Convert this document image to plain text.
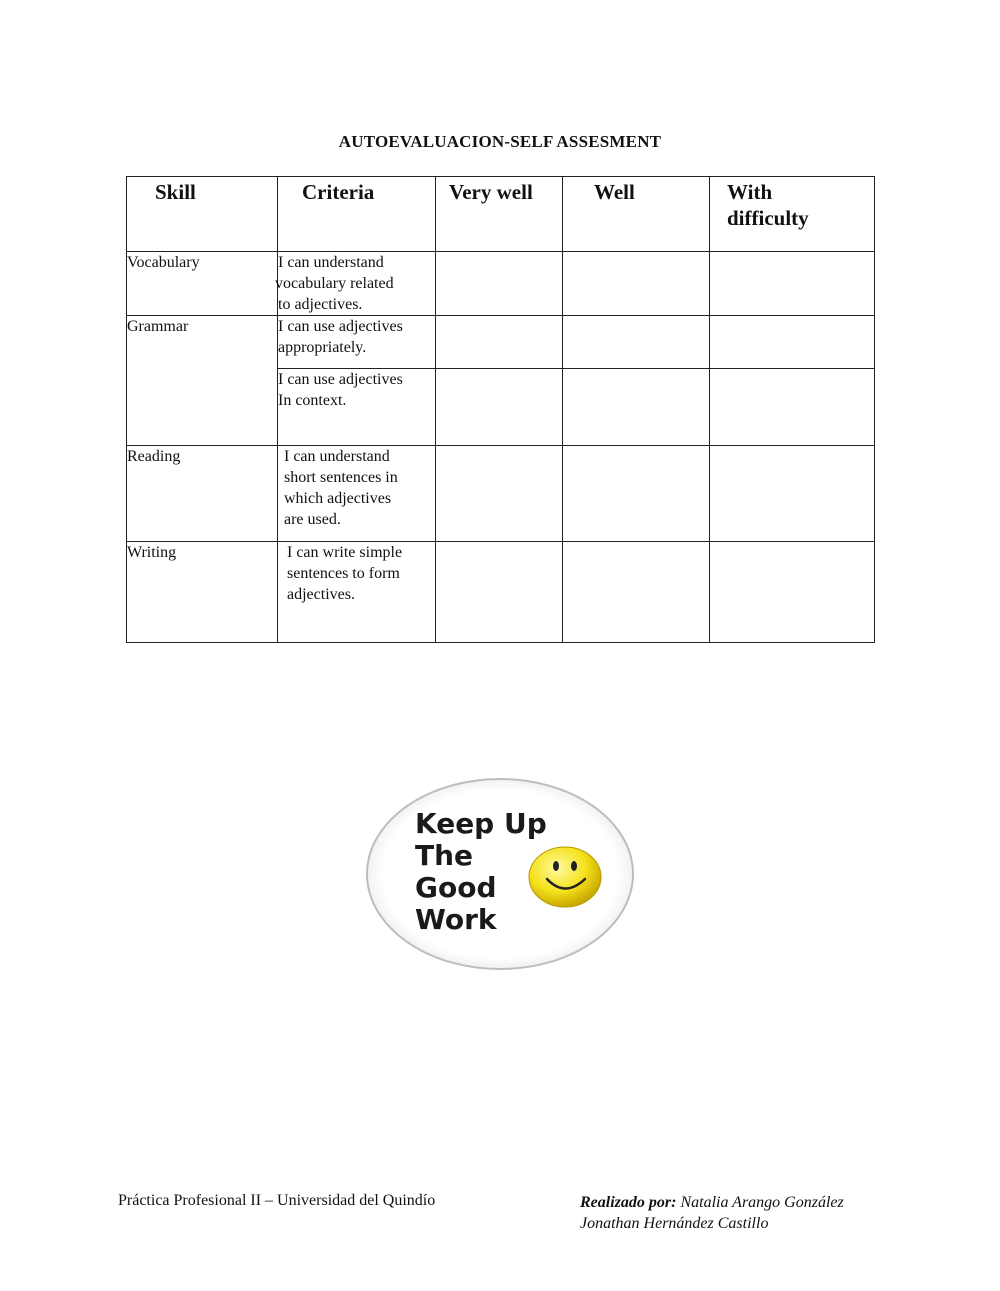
AUTOEVALUACION-SELF ASSESMENT
Skill	Criteria	Very well	Well	With
difficulty

Vocabulary	I can understand
vocabulary related
to adjectives.			

Grammar	I can use adjectives
appropriately.			

	I can use adjectives
In context.			

Reading	I can understand
short sentences in
which adjectives
are used.			

Writing	I can write simple
sentences to form
adjectives.			

Keep Up
The
Good
Work
Práctica Profesional II – Universidad del Quindío	Realizado por: Natalia Arango González
Jonathan Hernández Castillo
